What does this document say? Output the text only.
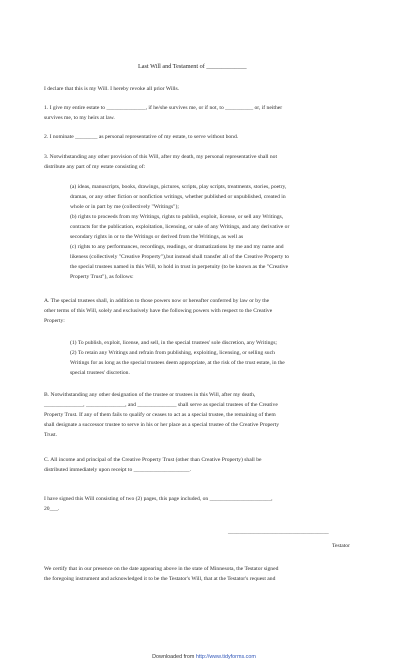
Last Will and Testament of _____________
I declare that this is my Will. I hereby revoke all prior Wills.
1. I give my entire estate to ______________, if he/she survives me, or if not, to __________ or, if neither
survives me, to my heirs at law.
2. I nominate ________ as personal representative of my estate, to serve without bond.
3. Notwithstanding any other provision of this Will, after my death, my personal representative shall not
distribute any part of my estate consisting of:
(a) ideas, manuscripts, books, drawings, pictures, scripts, play scripts, treatments, stories, poetry,
dramas, or any other fiction or nonfiction writings, whether published or unpublished, created in
whole or in part by me (collectively "Writings");
(b) rights to proceeds from my Writings, rights to publish, exploit, license, or sell any Writings,
contracts for the publication, exploitation, licensing, or sale of any Writings, and any derivative or
secondary rights in or to the Writings or derived from the Writings, as well as
(c) rights to any performances, recordings, readings, or dramatizations by me and my name and
likeness (collectively "Creative Property"),but instead shall transfer all of the Creative Property to
the special trustees named in this Will, to hold in trust in perpetuity (to be known as the "Creative
Property Trust"), as follows:
A. The special trustees shall, in addition to those powers now or hereafter conferred by law or by the
other terms of this Will, solely and exclusively have the following powers with respect to the Creative
Property:
(1) To publish, exploit, license, and sell, in the special trustees' sole discretion, any Writings;
(2) To retain any Writings and refrain from publishing, exploiting, licensing, or selling such
Writings for as long as the special trustees deem appropriate, at the risk of the trust estate, in the
special trustees' discretion.
B. Notwithstanding any other designation of the trustee or trustees in this Will, after my death,
______________, ______________, and ______________ shall serve as special trustees of the Creative
Property Trust. If any of them fails to qualify or ceases to act as a special trustee, the remaining of them
shall designate a successor trustee to serve in his or her place as a special trustee of the Creative Property
Trust.
C. All income and principal of the Creative Property Trust (other than Creative Property) shall be
distributed immediately upon receipt to ____________________.
I have signed this Will consisting of two (2) pages, this page included, on ______________________,
20___.
____________________________________
Testator
We certify that in our presence on the date appearing above in the state of Minnesota, the Testator signed
the foregoing instrument and acknowledged it to be the Testator's Will, that at the Testator's request and
Downloaded from http://www.tidyforms.com
